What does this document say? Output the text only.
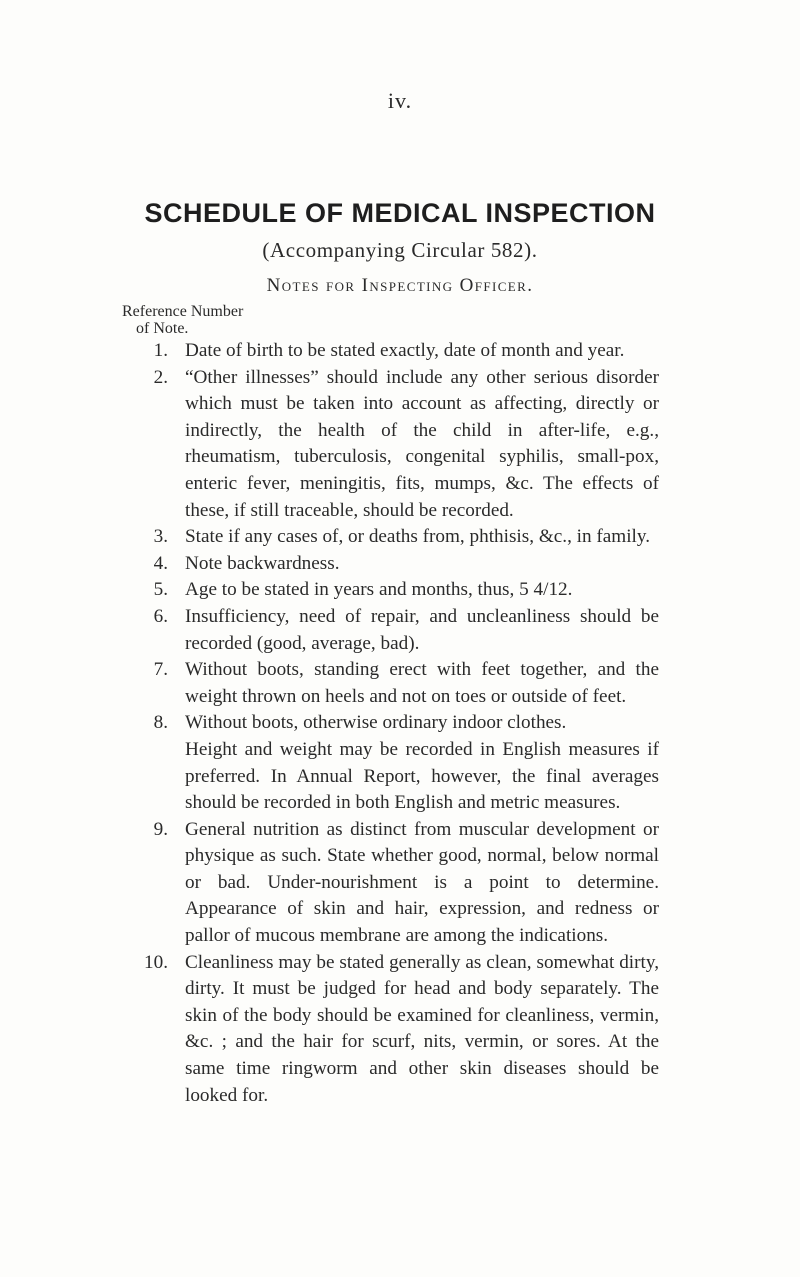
iv.
SCHEDULE OF MEDICAL INSPECTION
(Accompanying Circular 582).
Notes for Inspecting Officer.
Reference Number
of Note.
1. Date of birth to be stated exactly, date of month and year.

2. “Other illnesses” should include any other serious disorder which must be taken into account as affecting, directly or indirectly, the health of the child in after-life, e.g., rheumatism, tuberculosis, congenital syphilis, small-pox, enteric fever, meningitis, fits, mumps, &c. The effects of these, if still traceable, should be recorded.

3. State if any cases of, or deaths from, phthisis, &c., in family.

4. Note backwardness.

5. Age to be stated in years and months, thus, 5 4/12.

6. Insufficiency, need of repair, and uncleanliness should be recorded (good, average, bad).

7. Without boots, standing erect with feet together, and the weight thrown on heels and not on toes or outside of feet.

8. Without boots, otherwise ordinary indoor clothes.

Height and weight may be recorded in English measures if preferred. In Annual Report, however, the final averages should be recorded in both English and metric measures.

9. General nutrition as distinct from muscular development or physique as such. State whether good, normal, below normal or bad. Under-nourishment is a point to determine. Appearance of skin and hair, expression, and redness or pallor of mucous membrane are among the indications.

10. Cleanliness may be stated generally as clean, somewhat dirty, dirty. It must be judged for head and body separately. The skin of the body should be examined for cleanliness, vermin, &c. ; and the hair for scurf, nits, vermin, or sores. At the same time ringworm and other skin diseases should be looked for.
